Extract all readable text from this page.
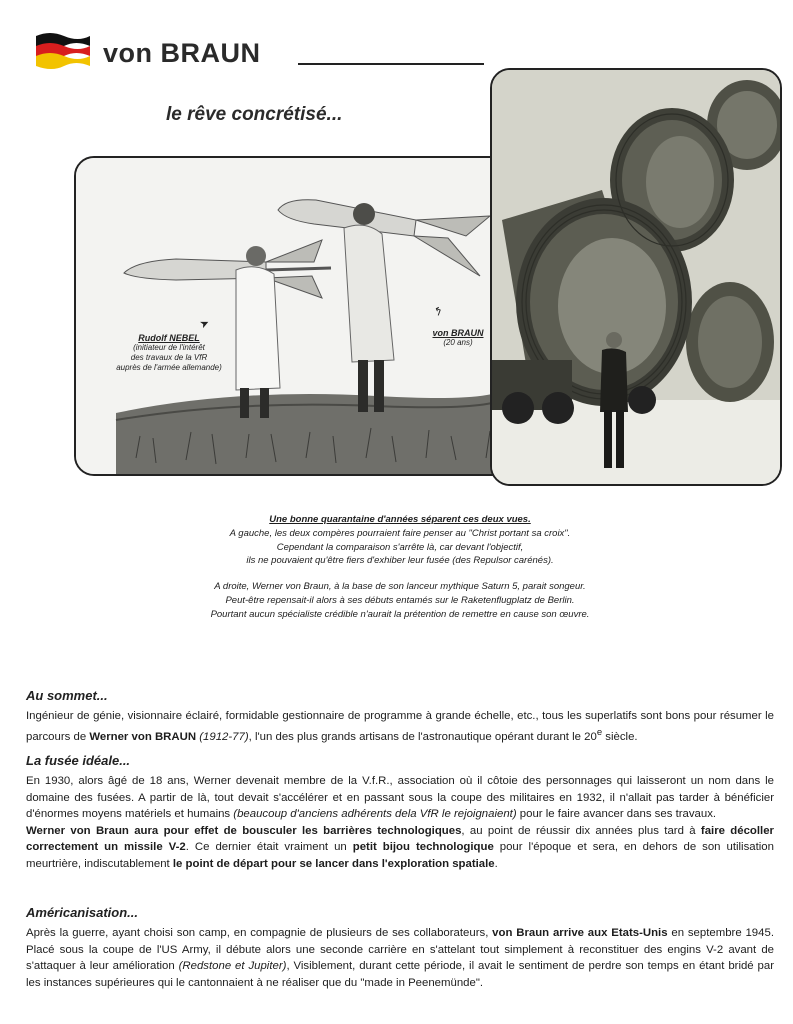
von BRAUN
le rêve concrétisé...
➤
↰
Rudolf NEBEL
(initiateur de l'intérêt
des travaux de la VfR
auprès de l'armée allemande)
von BRAUN
(20 ans)

Une bonne quarantaine d'années séparent ces deux vues.

A gauche, les deux compères pourraient faire penser au "Christ portant sa croix".

Cependant la comparaison s'arrête là, car devant l'objectif,

ils ne pouvaient qu'être fiers d'exhiber leur fusée (des Repulsor carénés).

A droite, Werner von Braun, à la base de son lanceur mythique Saturn 5, parait songeur.

Peut-être repensait-il alors à ses débuts entamés sur le Raketenflugplatz de Berlin.

Pourtant aucun spécialiste crédible n'aurait la prétention de remettre en cause son œuvre.

Au sommet...

Ingénieur de génie, visionnaire éclairé, formidable gestionnaire de programme à grande échelle, etc., tous les superlatifs sont bons pour résumer le parcours de Werner von BRAUN (1912-77), l'un des plus grands artisans de l'astronautique opérant durant le 20e siècle.

La fusée idéale...

En 1930, alors âgé de 18 ans, Werner devenait membre de la V.f.R., association où il côtoie des personnages qui laisseront un nom dans le domaine des fusées. A partir de là, tout devait s'accélérer et en passant sous la coupe des militaires en 1932, il n'allait pas tarder à bénéficier d'énormes moyens matériels et humains (beaucoup d'anciens adhérents dela VfR le rejoignaient) pour le faire avancer dans ses travaux.

Werner von Braun aura pour effet de bousculer les barrières technologiques, au point de réussir dix années plus tard à faire décoller correctement un missile V-2. Ce dernier était vraiment un petit bijou technologique pour l'époque et sera, en dehors de son utilisation meurtrière, indiscutablement le point de départ pour se lancer dans l'exploration spatiale.

Américanisation...

Après la guerre, ayant choisi son camp, en compagnie de plusieurs de ses collaborateurs, von Braun arrive aux Etats-Unis en septembre 1945. Placé sous la coupe de l'US Army, il débute alors une seconde carrière en s'attelant tout simplement à reconstituer des engins V-2 avant de s'attaquer à leur amélioration (Redstone et Jupiter), Visiblement, durant cette période, il avait le sentiment de perdre son temps en étant bridé par les instances supérieures qui le cantonnaient à ne réaliser que du "made in Peenemünde".
